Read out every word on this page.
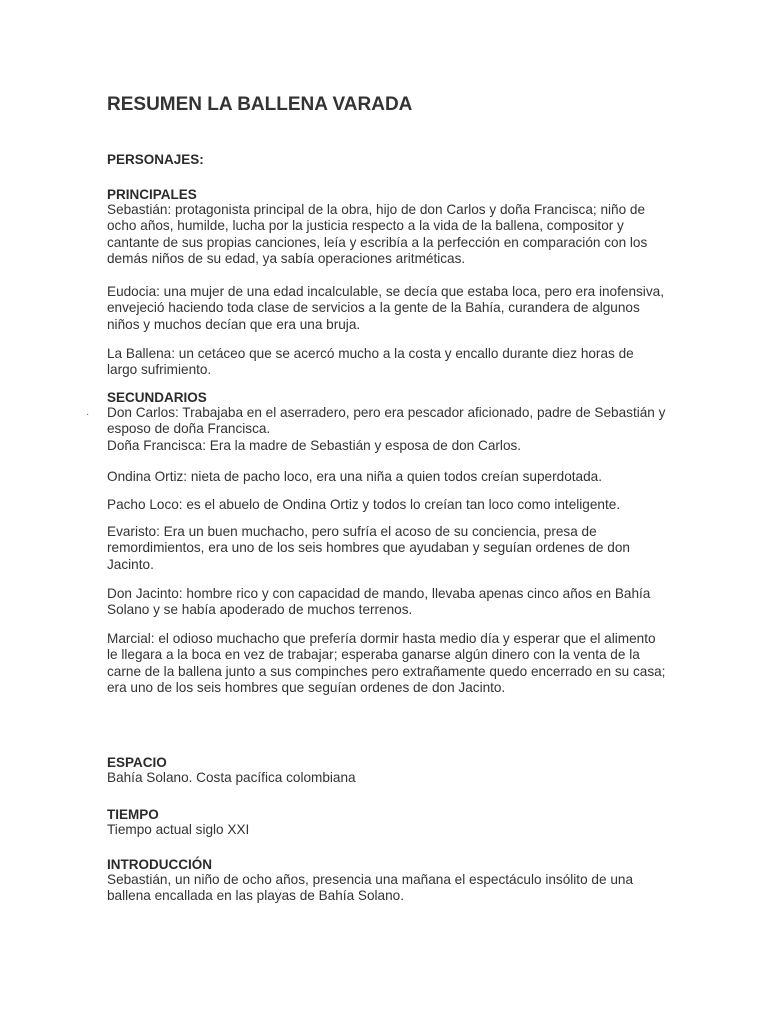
RESUMEN LA BALLENA VARADA
PERSONAJES:
PRINCIPALES
Sebastián: protagonista principal de la obra, hijo de don Carlos y doña Francisca; niño de ocho años, humilde, lucha por la justicia respecto a la vida de la ballena, compositor y cantante de sus propias canciones, leía y escribía a la perfección en comparación con los demás niños de su edad, ya sabía operaciones aritméticas.
Eudocia: una mujer de una edad incalculable, se decía que estaba loca, pero era inofensiva, envejeció haciendo toda clase de servicios a la gente de la Bahía, curandera de algunos niños y muchos decían que era una bruja.
La Ballena: un cetáceo que se acercó mucho a la costa y encallo durante diez horas de largo sufrimiento.
SECUNDARIOS
Don Carlos: Trabajaba en el aserradero, pero era pescador aficionado, padre de Sebastián y esposo de doña Francisca.
Doña Francisca: Era la madre de Sebastián y esposa de don Carlos.
Ondina Ortiz: nieta de pacho loco, era una niña a quien todos creían superdotada.
Pacho Loco: es el abuelo de Ondina Ortiz y todos lo creían tan loco como inteligente.
Evaristo: Era un buen muchacho, pero sufría el acoso de su conciencia, presa de remordimientos, era uno de los seis hombres que ayudaban y seguían ordenes de don Jacinto.
Don Jacinto: hombre rico y con capacidad de mando, llevaba apenas cinco años en Bahía Solano y se había apoderado de muchos terrenos.
Marcial: el odioso muchacho que prefería dormir hasta medio día y esperar que el alimento le llegara a la boca en vez de trabajar; esperaba ganarse algún dinero con la venta de la carne de la ballena junto a sus compinches pero extrañamente quedo encerrado en su casa; era uno de los seis hombres que seguían ordenes de don Jacinto.
ESPACIO
Bahía Solano. Costa pacífica colombiana
TIEMPO
Tiempo actual siglo XXI
INTRODUCCIÓN
Sebastián, un niño de ocho años, presencia una mañana el espectáculo insólito de una ballena encallada en las playas de Bahía Solano.
·
